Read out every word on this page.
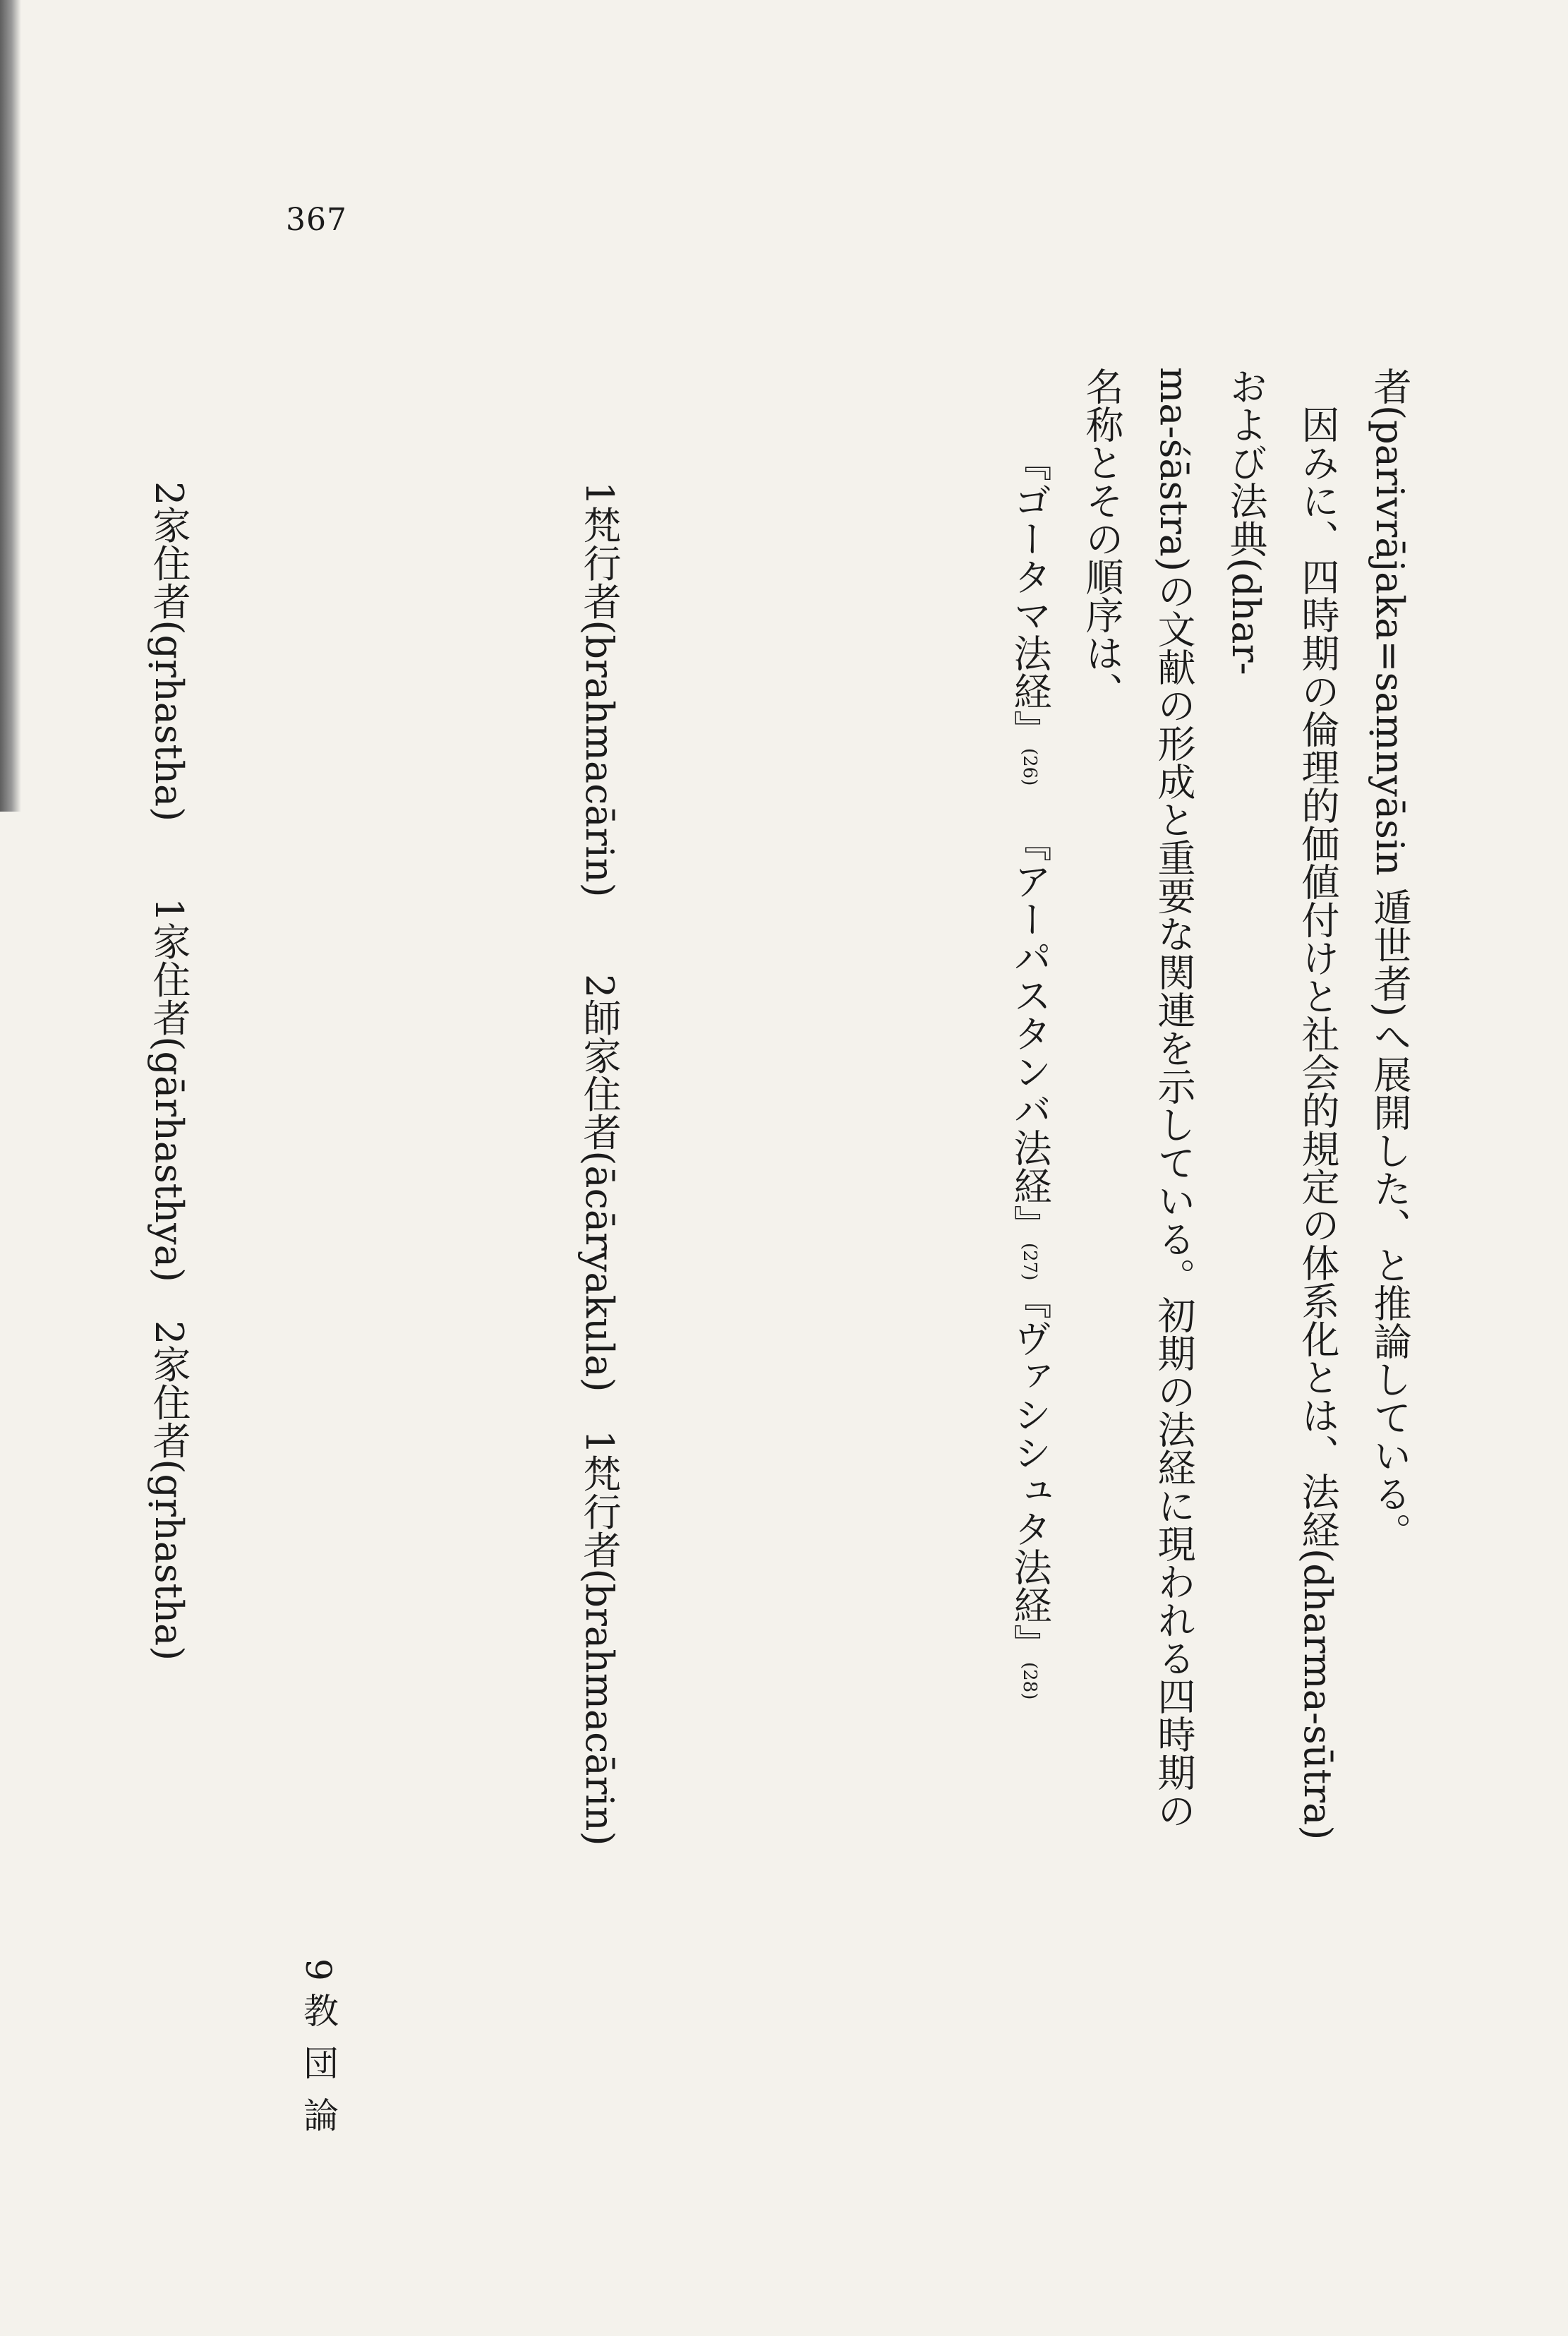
367

者(parivrājaka=saṃnyāsin 遁世者)へ展開した、と推論している。

因みに、四時期の倫理的価値付けと社会的規定の体系化とは、法経(dharma-sūtra)および法典(dhar-

ma-śāstra)の文献の形成と重要な関連を示している。初期の法経に現われる四時期の名称とその順序は、

『ゴータマ法経』(26)『アーパスタンバ法経』(27)『ヴァシシュタ法経』(28)

1梵行者(brahmacārin)2師家住者(ācāryakula)1梵行者(brahmacārin)

2家住者(gṛhastha)1家住者(gārhasthya)2家住者(gṛhastha)

9 教団論
